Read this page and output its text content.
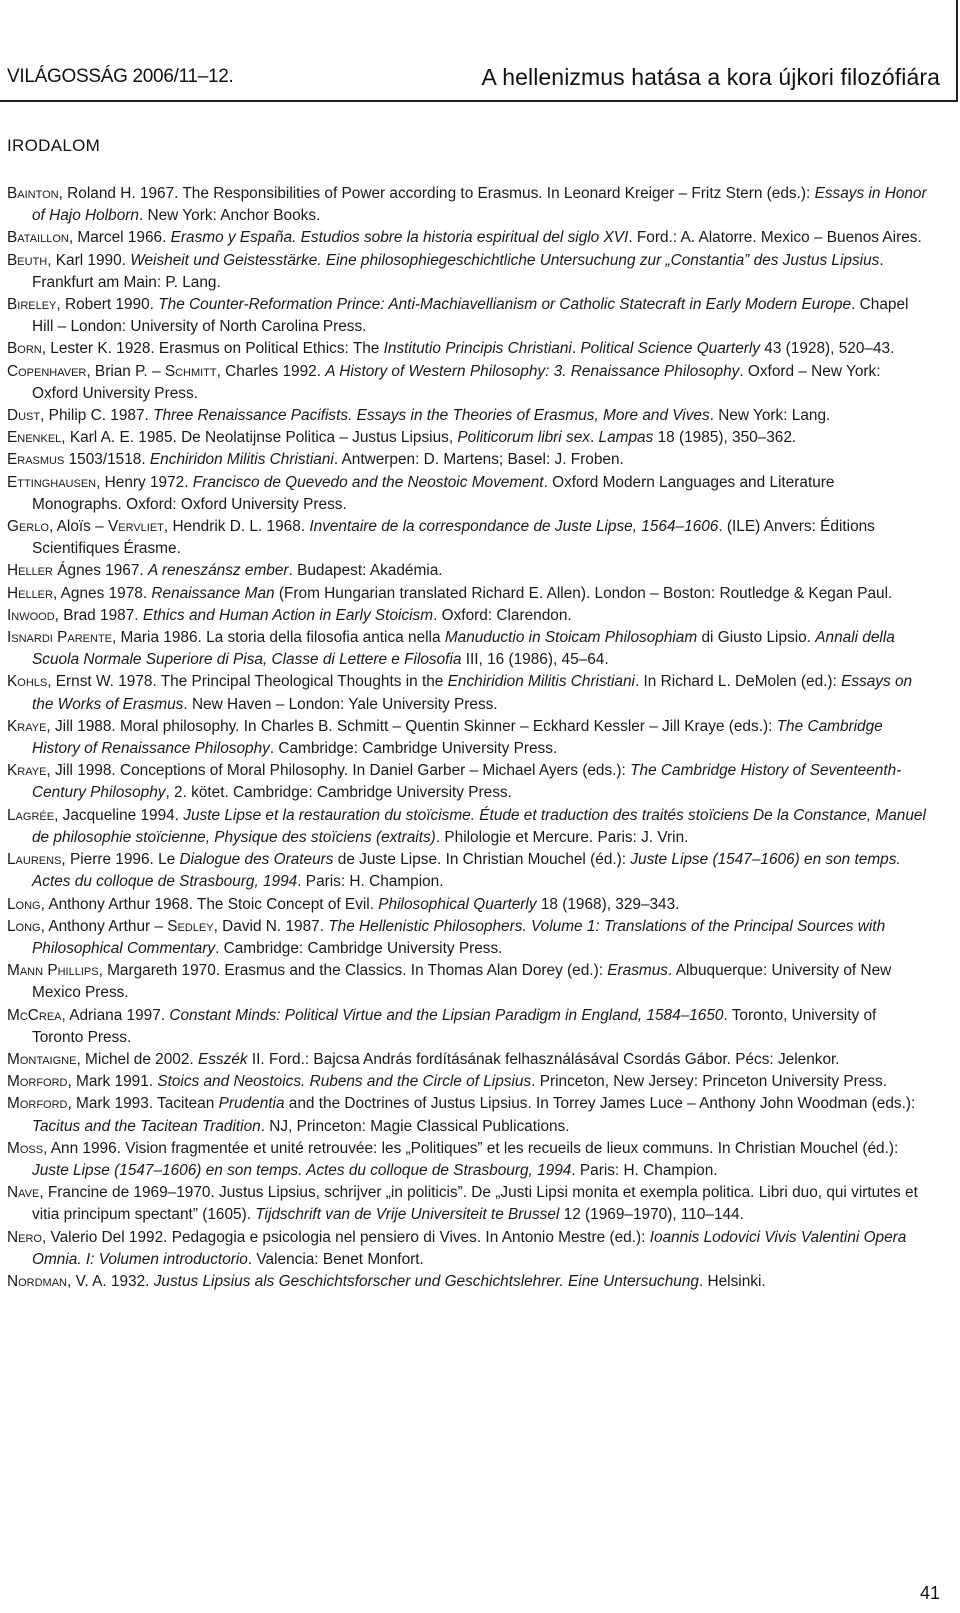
VILÁGOSSÁG 2006/11–12.	A hellenizmus hatása a kora újkori filozófiára
IRODALOM

Bainton, Roland H. 1967. The Responsibilities of Power according to Erasmus. In Leonard Kreiger – Fritz Stern (eds.): Essays in Honor of Hajo Holborn. New York: Anchor Books.

Bataillon, Marcel 1966. Erasmo y España. Estudios sobre la historia espiritual del siglo XVI. Ford.: A. Alatorre. Mexico – Buenos Aires.

Beuth, Karl 1990. Weisheit und Geistesstärke. Eine philosophiegeschichtliche Untersuchung zur „Constantia” des Justus Lipsius. Frankfurt am Main: P. Lang.

Bireley, Robert 1990. The Counter-Reformation Prince: Anti-Machiavellianism or Catholic Statecraft in Early Modern Europe. Chapel Hill – London: University of North Carolina Press.

Born, Lester K. 1928. Erasmus on Political Ethics: The Institutio Principis Christiani. Political Science Quarterly 43 (1928), 520–43.

Copenhaver, Brian P. – Schmitt, Charles 1992. A History of Western Philosophy: 3. Renaissance Philosophy. Oxford – New York: Oxford University Press.

Dust, Philip C. 1987. Three Renaissance Pacifists. Essays in the Theories of Erasmus, More and Vives. New York: Lang.

Enenkel, Karl A. E. 1985. De Neolatijnse Politica – Justus Lipsius, Politicorum libri sex. Lampas 18 (1985), 350–362.

Erasmus 1503/1518. Enchiridon Militis Christiani. Antwerpen: D. Martens; Basel: J. Froben.

Ettinghausen, Henry 1972. Francisco de Quevedo and the Neostoic Movement. Oxford Modern Languages and Literature Monographs. Oxford: Oxford University Press.

Gerlo, Aloïs – Vervliet, Hendrik D. L. 1968. Inventaire de la correspondance de Juste Lipse, 1564–1606. (ILE) Anvers: Éditions Scientifiques Érasme.

Heller Ágnes 1967. A reneszánsz ember. Budapest: Akadémia.

Heller, Agnes 1978. Renaissance Man (From Hungarian translated Richard E. Allen). London – Boston: Routledge & Kegan Paul.

Inwood, Brad 1987. Ethics and Human Action in Early Stoicism. Oxford: Clarendon.

Isnardi Parente, Maria 1986. La storia della filosofia antica nella Manuductio in Stoicam Philosophiam di Giusto Lipsio. Annali della Scuola Normale Superiore di Pisa, Classe di Lettere e Filosofia III, 16 (1986), 45–64.

Kohls, Ernst W. 1978. The Principal Theological Thoughts in the Enchiridion Militis Christiani. In Richard L. DeMolen (ed.): Essays on the Works of Erasmus. New Haven – London: Yale University Press.

Kraye, Jill 1988. Moral philosophy. In Charles B. Schmitt – Quentin Skinner – Eckhard Kessler – Jill Kraye (eds.): The Cambridge History of Renaissance Philosophy. Cambridge: Cambridge University Press.

Kraye, Jill 1998. Conceptions of Moral Philosophy. In Daniel Garber – Michael Ayers (eds.): The Cambridge History of Seventeenth-Century Philosophy, 2. kötet. Cambridge: Cambridge University Press.

Lagrée, Jacqueline 1994. Juste Lipse et la restauration du stoïcisme. Étude et traduction des traités stoïciens De la Constance, Manuel de philosophie stoïcienne, Physique des stoïciens (extraits). Philologie et Mercure. Paris: J. Vrin.

Laurens, Pierre 1996. Le Dialogue des Orateurs de Juste Lipse. In Christian Mouchel (éd.): Juste Lipse (1547–1606) en son temps. Actes du colloque de Strasbourg, 1994. Paris: H. Champion.

Long, Anthony Arthur 1968. The Stoic Concept of Evil. Philosophical Quarterly 18 (1968), 329–343.

Long, Anthony Arthur – Sedley, David N. 1987. The Hellenistic Philosophers. Volume 1: Translations of the Principal Sources with Philosophical Commentary. Cambridge: Cambridge University Press.

Mann Phillips, Margareth 1970. Erasmus and the Classics. In Thomas Alan Dorey (ed.): Erasmus. Albuquerque: University of New Mexico Press.

McCrea, Adriana 1997. Constant Minds: Political Virtue and the Lipsian Paradigm in England, 1584–1650. Toronto, University of Toronto Press.

Montaigne, Michel de 2002. Esszék II. Ford.: Bajcsa András fordításának felhasználásával Csordás Gábor. Pécs: Jelenkor.

Morford, Mark 1991. Stoics and Neostoics. Rubens and the Circle of Lipsius. Princeton, New Jersey: Princeton University Press.

Morford, Mark 1993. Tacitean Prudentia and the Doctrines of Justus Lipsius. In Torrey James Luce – Anthony John Woodman (eds.): Tacitus and the Tacitean Tradition. NJ, Princeton: Magie Classical Publications.

Moss, Ann 1996. Vision fragmentée et unité retrouvée: les „Politiques” et les recueils de lieux communs. In Christian Mouchel (éd.): Juste Lipse (1547–1606) en son temps. Actes du colloque de Strasbourg, 1994. Paris: H. Champion.

Nave, Francine de 1969–1970. Justus Lipsius, schrijver „in politicis”. De „Justi Lipsi monita et exempla politica. Libri duo, qui virtutes et vitia principum spectant” (1605). Tijdschrift van de Vrije Universiteit te Brussel 12 (1969–1970), 110–144.

Nero, Valerio Del 1992. Pedagogia e psicologia nel pensiero di Vives. In Antonio Mestre (ed.): Ioannis Lodovici Vivis Valentini Opera Omnia. I: Volumen introductorio. Valencia: Benet Monfort.

Nordman, V. A. 1932. Justus Lipsius als Geschichtsforscher und Geschichtslehrer. Eine Untersuchung. Helsinki.

41
